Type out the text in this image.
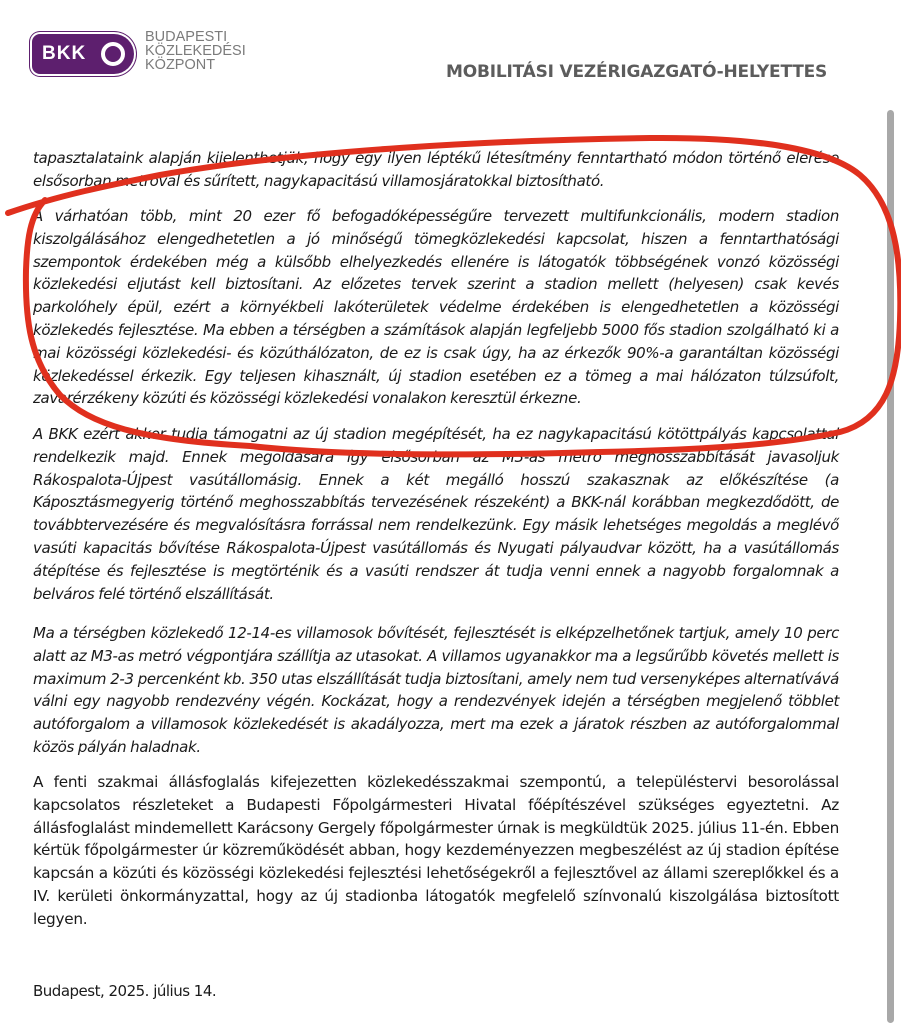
BKK
BUDAPESTI
KÖZLEKEDÉSI
KÖZPONT	MOBILITÁSI VEZÉRIGAZGATÓ-HELYETTES

tapasztalataink alapján kijelenthetjük, hogy egy ilyen léptékű létesítmény fenntartható módon történő elérése elsősorban metróval és sűrített, nagykapacitású villamosjáratokkal biztosítható.

A várhatóan több, mint 20 ezer fő befogadóképességűre tervezett multifunkcionális, modern stadion kiszolgálásához elengedhetetlen a jó minőségű tömegközlekedési kapcsolat, hiszen a fenntarthatósági szempontok érdekében még a külsőbb elhelyezkedés ellenére is látogatók többségének vonzó közösségi közlekedési eljutást kell biztosítani. Az előzetes tervek szerint a stadion mellett (helyesen) csak kevés parkolóhely épül, ezért a környékbeli lakóterületek védelme érdekében is elengedhetetlen a közösségi közlekedés fejlesztése. Ma ebben a térségben a számítások alapján legfeljebb 5000 fős stadion szolgálható ki a mai közösségi közlekedési- és közúthálózaton, de ez is csak úgy, ha az érkezők 90%-a garantáltan közösségi közlekedéssel érkezik. Egy teljesen kihasznált, új stadion esetében ez a tömeg a mai hálózaton túlzsúfolt, zavarérzékeny közúti és közösségi közlekedési vonalakon keresztül érkezne.

A BKK ezért akkor tudja támogatni az új stadion megépítését, ha ez nagykapacitású kötöttpályás kapcsolattal rendelkezik majd. Ennek megoldására így elsősorban az M3-as metró meghosszabbítását javasoljuk Rákospalota-Újpest vasútállomásig. Ennek a két megálló hosszú szakasznak az előkészítése (a Káposztásmegyerig történő meghosszabbítás tervezésének részeként) a BKK-nál korábban megkezdődött, de továbbtervezésére és megvalósításra forrással nem rendelkezünk. Egy másik lehetséges megoldás a meglévő vasúti kapacitás bővítése Rákospalota-Újpest vasútállomás és Nyugati pályaudvar között, ha a vasútállomás átépítése és fejlesztése is megtörténik és a vasúti rendszer át tudja venni ennek a nagyobb forgalomnak a belváros felé történő elszállítását.

Ma a térségben közlekedő 12-14-es villamosok bővítését, fejlesztését is elképzelhetőnek tartjuk, amely 10 perc alatt az M3-as metró végpontjára szállítja az utasokat. A villamos ugyanakkor ma a legsűrűbb követés mellett is maximum 2-3 percenként kb. 350 utas elszállítását tudja biztosítani, amely nem tud versenyképes alternatívává válni egy nagyobb rendezvény végén. Kockázat, hogy a rendezvények idején a térségben megjelenő többlet autóforgalom a villamosok közlekedését is akadályozza, mert ma ezek a járatok részben az autóforgalommal közös pályán haladnak.

A fenti szakmai állásfoglalás kifejezetten közlekedésszakmai szempontú, a településtervi besorolással kapcsolatos részleteket a Budapesti Főpolgármesteri Hivatal főépítészével szükséges egyeztetni. Az állásfoglalást mindemellett Karácsony Gergely főpolgármester úrnak is megküldtük 2025. július 11-én. Ebben kértük főpolgármester úr közreműködését abban, hogy kezdeményezzen megbeszélést az új stadion építése kapcsán a közúti és közösségi közlekedési fejlesztési lehetőségekről a fejlesztővel az állami szereplőkkel és a IV. kerületi önkormányzattal, hogy az új stadionba látogatók megfelelő színvonalú kiszolgálása biztosított legyen.

Budapest, 2025. július 14.
